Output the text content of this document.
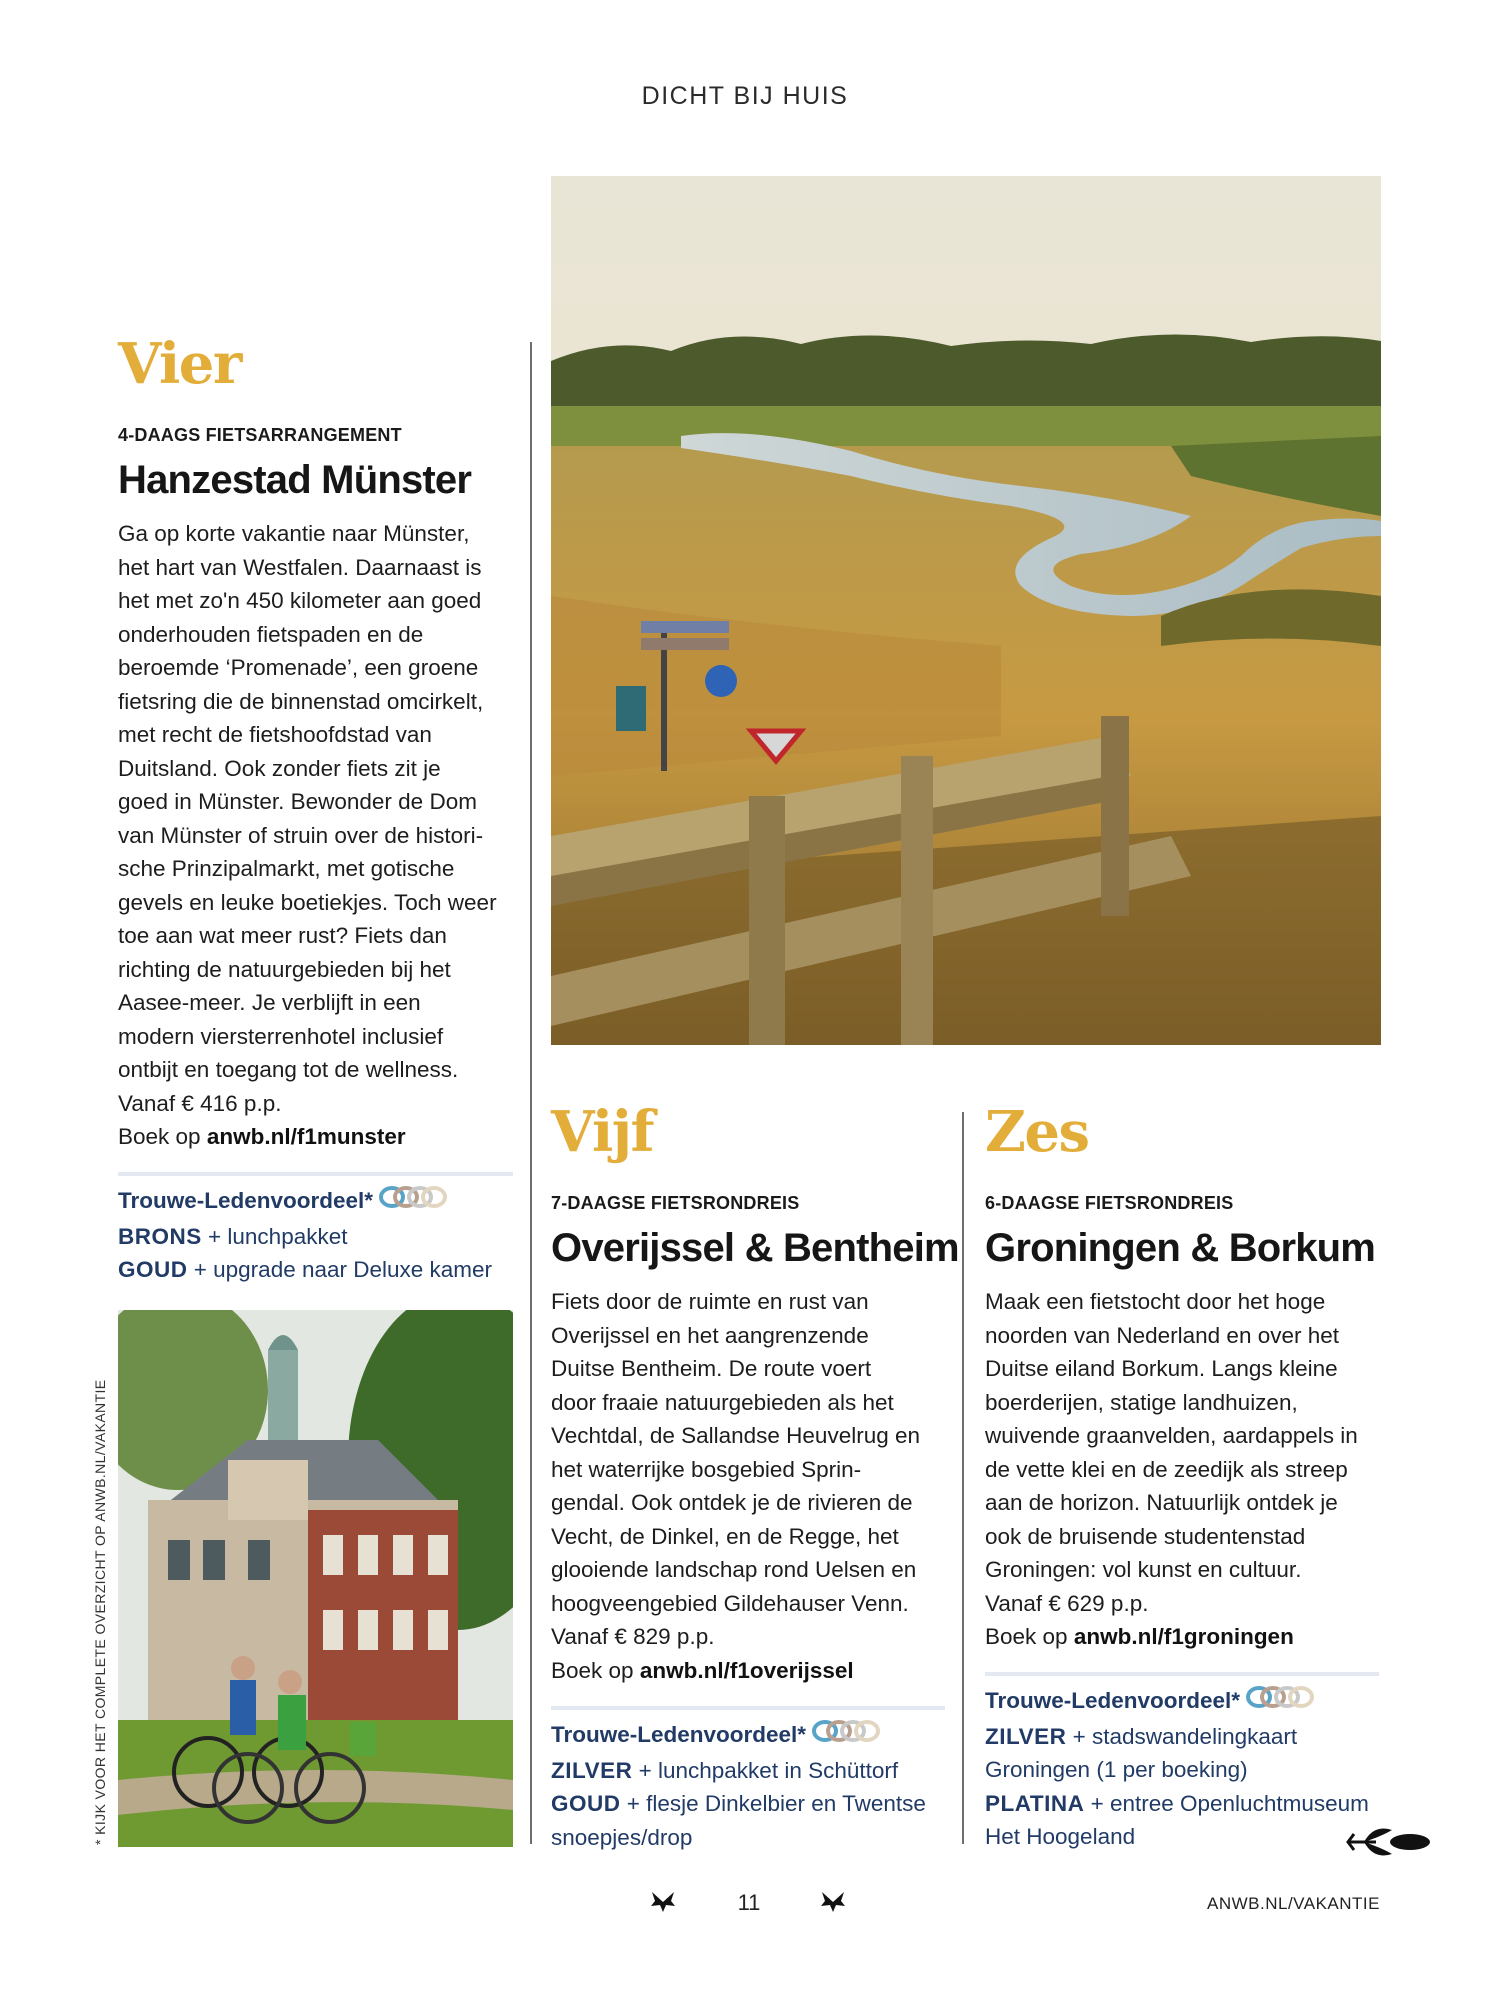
DICHT BIJ HUIS
Vier
4-DAAGS FIETSARRANGEMENT
Hanzestad Münster

Ga op korte vakantie naar Münster,

het hart van Westfalen. Daarnaast is

het met zo'n 450 kilometer aan goed

onderhouden fietspaden en de

beroemde ‘Promenade’, een groene

fietsring die de binnenstad omcirkelt,

met recht de fietshoofdstad van

Duitsland. Ook zonder fiets zit je

goed in Münster. Bewonder de Dom

van Münster of struin over de histori-

sche Prinzipalmarkt, met gotische

gevels en leuke boetiekjes. Toch weer

toe aan wat meer rust? Fiets dan

richting de natuurgebieden bij het

Aasee-meer. Je verblijft in een

modern viersterrenhotel inclusief

ontbijt en toegang tot de wellness.

Vanaf € 416 p.p.

Boek op anwb.nl/f1munster

Trouwe-Ledenvoordeel*
BRONS + lunchpakket
GOUD + upgrade naar Deluxe kamer
Vijf
7-DAAGSE FIETSRONDREIS
Overijssel & Bentheim

Fiets door de ruimte en rust van

Overijssel en het aangrenzende

Duitse Bentheim. De route voert

door fraaie natuurgebieden als het

Vechtdal, de Sallandse Heuvelrug en

het waterrijke bosgebied Sprin-

gendal. Ook ontdek je de rivieren de

Vecht, de Dinkel, en de Regge, het

glooiende landschap rond Uelsen en

hoogveengebied Gildehauser Venn.

Vanaf € 829 p.p.

Boek op anwb.nl/f1overijssel

Trouwe-Ledenvoordeel*
ZILVER + lunchpakket in Schüttorf
GOUD + flesje Dinkelbier en Twentse
snoepjes/drop
Zes
6-DAAGSE FIETSRONDREIS
Groningen & Borkum

Maak een fietstocht door het hoge

noorden van Nederland en over het

Duitse eiland Borkum. Langs kleine

boerderijen, statige landhuizen,

wuivende graanvelden, aardappels in

de vette klei en de zeedijk als streep

aan de horizon. Natuurlijk ontdek je

ook de bruisende studentenstad

Groningen: vol kunst en cultuur.

Vanaf € 629 p.p.

Boek op anwb.nl/f1groningen

Trouwe-Ledenvoordeel*
ZILVER + stadswandelingkaart
Groningen (1 per boeking)
PLATINA + entree Openluchtmuseum
Het Hoogeland
* KIJK VOOR HET COMPLETE OVERZICHT OP ANWB.NL/VAKANTIE
11	ANWB.NL/VAKANTIE
